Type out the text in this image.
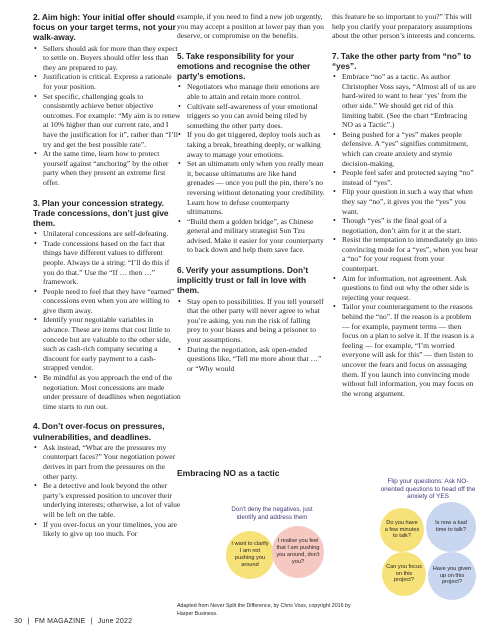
2. Aim high: Your initial offer should focus on your target terms, not your walk-away.
• Sellers should ask for more than they expect to settle on. Buyers should offer less than they are prepared to pay.
• Justification is critical. Express a rationale for your position.
• Set specific, challenging goals to consistently achieve better objective outcomes. For example: “My aim is to renew at 10% higher than our current rate, and I have the justification for it”, rather than “I’ll try and get the best possible rate”.
• At the same time, learn how to protect yourself against “anchoring” by the other party when they present an extreme first offer.
3. Plan your concession strategy. Trade concessions, don’t just give them.
• Unilateral concessions are self-defeating.
• Trade concessions based on the fact that things have different values to different people. Always tie a string: “I’ll do this if you do that.” Use the “If … then …” framework.
• People need to feel that they have “earned” concessions even when you are willing to give them away.
• Identify your negotiable variables in advance. These are items that cost little to concede but are valuable to the other side, such as cash-rich company securing a discount for early payment to a cash-strapped vendor.
• Be mindful as you approach the end of the negotiation. Most concessions are made under pressure of deadlines when negotiation time starts to run out.
4. Don’t over-focus on pressures, vulnerabilities, and deadlines.
• Ask instead, “What are the pressures my counterpart faces?” Your negotiation power derives in part from the pressures on the other party.
• Be a detective and look beyond the other party’s expressed position to uncover their underlying interests; otherwise, a lot of value will be left on the table.
• If you over-focus on your timelines, you are likely to give up too much. For

example, if you need to find a new job urgently, you may accept a position at lower pay than you deserve, or compromise on the benefits.

5. Take responsibility for your emotions and recognise the other party’s emotions.
• Negotiators who manage their emotions are able to attain and retain more control.
• Cultivate self-awareness of your emotional triggers so you can avoid being riled by something the other party does.
• If you do get triggered, deploy tools such as taking a break, breathing deeply, or walking away to manage your emotions.
• Set an ultimatum only when you really mean it, because ultimatums are like hand grenades — once you pull the pin, there’s no reversing without detonating your credibility. Learn how to defuse counterparty ultimatums.
• “Build them a golden bridge”, as Chinese general and military strategist Sun Tzu advised. Make it easier for your counterparty to back down and help them save face.
6. Verify your assumptions. Don’t implicitly trust or fall in love with them.
• Stay open to possibilities. If you tell yourself that the other party will never agree to what you’re asking, you run the risk of falling prey to your biases and being a prisoner to your assumptions.
• During the negotiation, ask open-ended questions like, “Tell me more about that …” or “Why would

this feature be so important to you?” This will help you clarify your preparatory assumptions about the other person’s interests and concerns.

7. Take the other party from “no” to “yes”.
• Embrace “no” as a tactic. As author Christopher Voss says, “Almost all of us are hard-wired to want to hear ‘yes’ from the other side.” We should get rid of this limiting habit. (See the chart “Embracing NO as a Tactic”.)
• Being pushed for a “yes” makes people defensive. A “yes” signifies commitment, which can create anxiety and stymie decision-making.
• People feel safer and protected saying “no” instead of “yes”.
• Flip your question in such a way that when they say “no”, it gives you the “yes” you want.
• Though “yes” is the final goal of a negotiation, don’t aim for it at the start.
• Resist the temptation to immediately go into convincing mode for a “yes”, when you hear a “no” for your request from your counterpart.
• Aim for information, not agreement. Ask questions to find out why the other side is rejecting your request.
• Tailor your counterargument to the reasons behind the “no”. If the reason is a problem — for example, payment terms — then focus on a plan to solve it. If the reason is a feeling — for example, “I’m worried everyone will ask for this” — then listen to uncover the fears and focus on assuaging them. If you launch into convincing mode without full information, you may focus on the wrong argument.
Embracing NO as a tactic
Don’t deny the negatives, just identify and address them
Flip your questions: Ask NO-oriented questions to head off the anxiety of YES
I want to clarify I am not pushing you around
I realise you feel that I am pushing you around, don’t you?
Do you have a few minutes to talk?
Is now a bad time to talk?
Can you focus on this project?
Have you given up on this project?
Adapted from Never Split the Difference, by Chris Voss, copyright 2016 by Harper Business.
30 | FM MAGAZINE | June 2022
